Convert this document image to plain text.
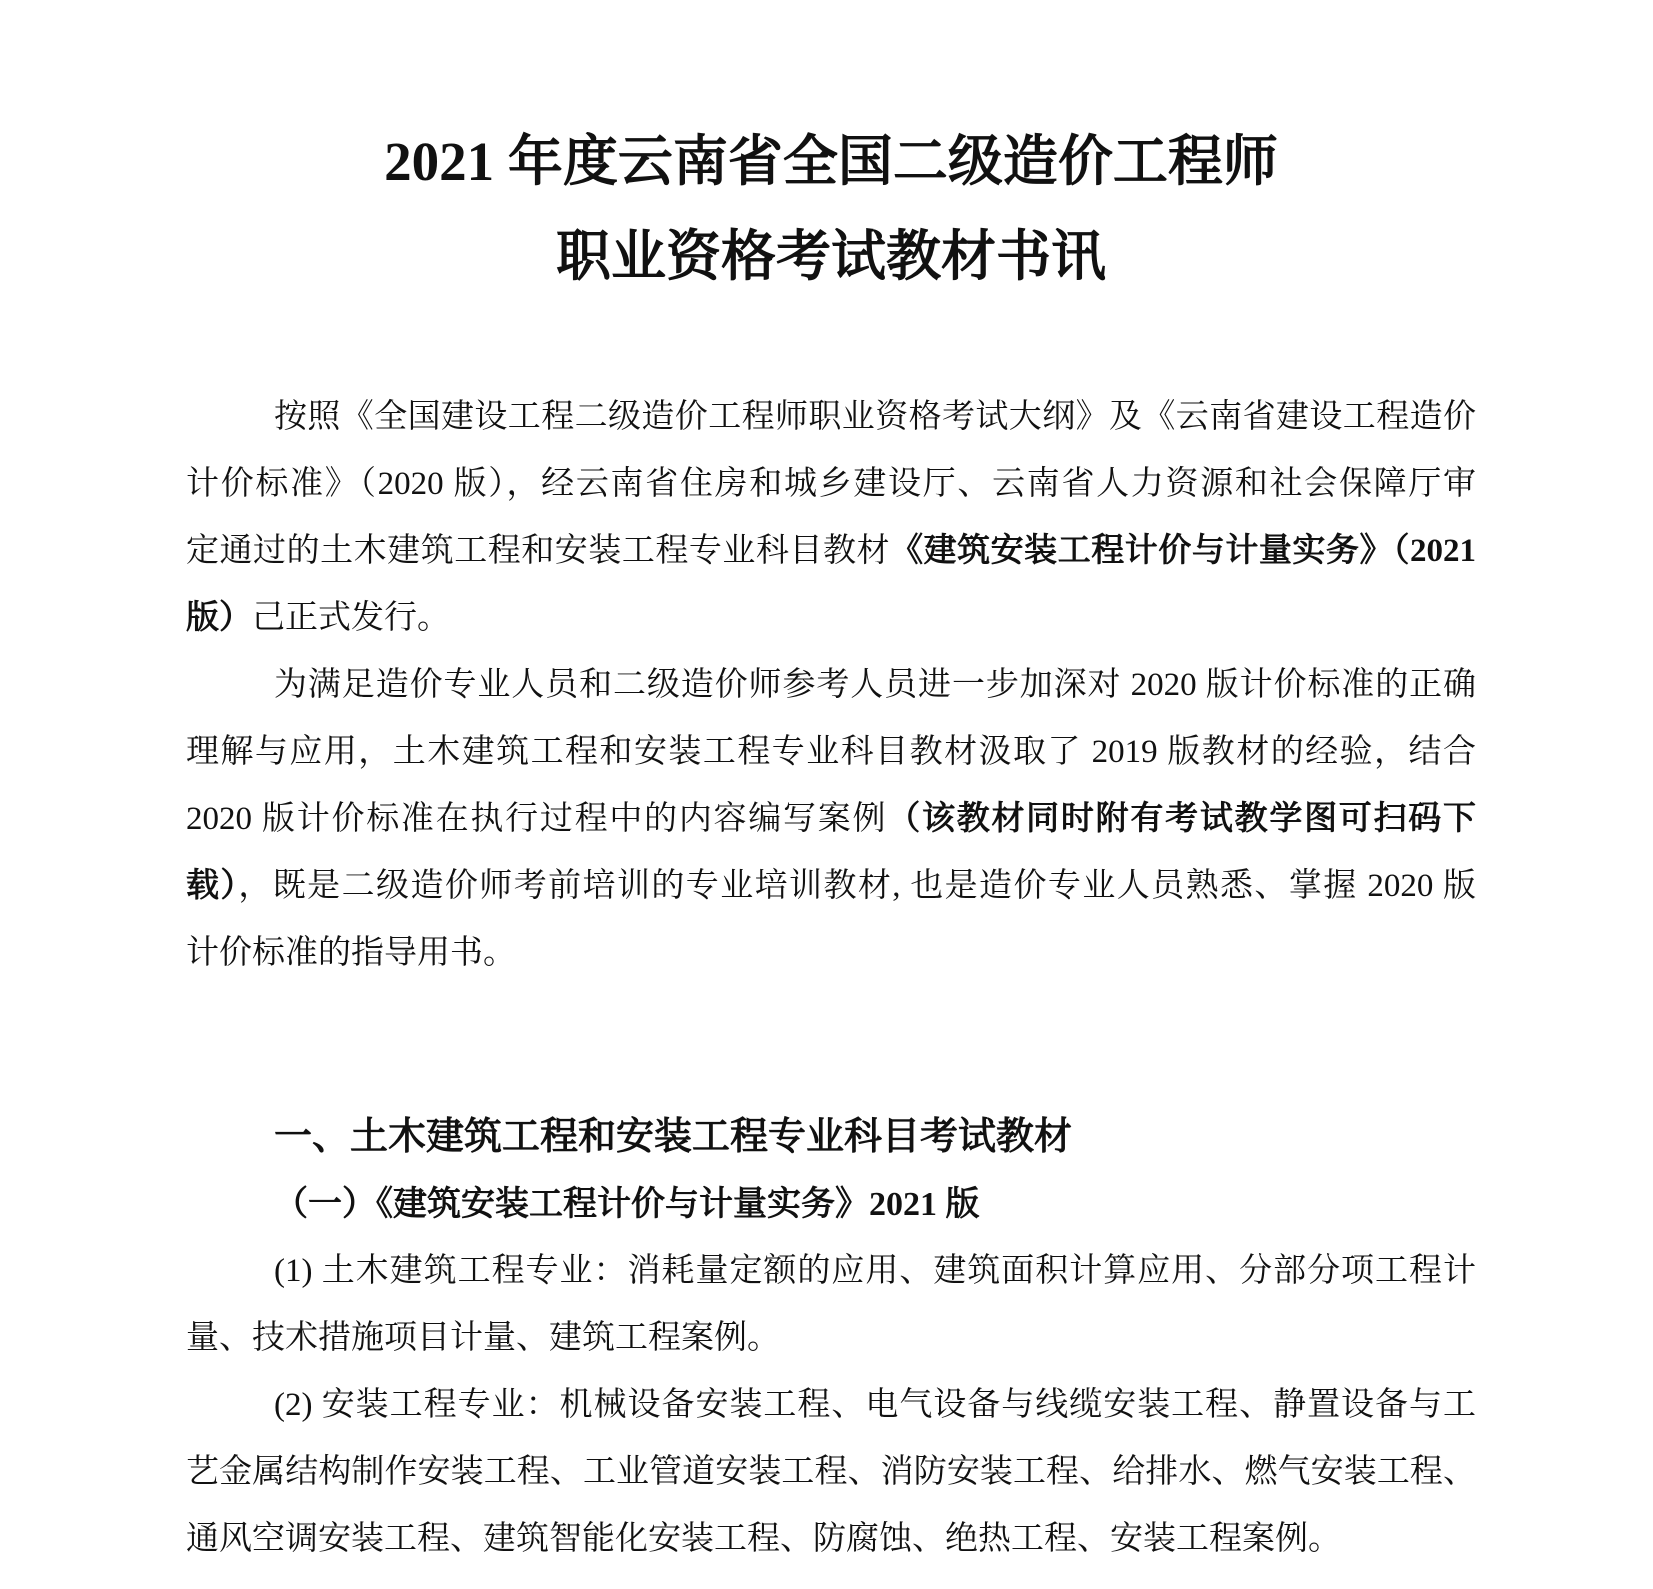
2021 年度云南省全国二级造价工程师
职业资格考试教材书讯
按照《全国建设工程二级造价工程师职业资格考试大纲》及《云南省建设工程造价
计价标准》（2020 版），经云南省住房和城乡建设厅、云南省人力资源和社会保障厅审
定通过的土木建筑工程和安装工程专业科目教材《建筑安装工程计价与计量实务》（2021
版）己正式发行。
为满足造价专业人员和二级造价师参考人员进一步加深对 2020 版计价标准的正确
理解与应用，土木建筑工程和安装工程专业科目教材汲取了 2019 版教材的经验，结合
2020 版计价标准在执行过程中的内容编写案例（该教材同时附有考试教学图可扫码下
载），既是二级造价师考前培训的专业培训教材, 也是造价专业人员熟悉、掌握 2020 版
计价标准的指导用书。
一、土木建筑工程和安装工程专业科目考试教材
（一）《建筑安装工程计价与计量实务》2021 版
(1) 土木建筑工程专业：消耗量定额的应用、建筑面积计算应用、分部分项工程计
量、技术措施项目计量、建筑工程案例。
(2) 安装工程专业：机械设备安装工程、电气设备与线缆安装工程、静置设备与工
艺金属结构制作安装工程、工业管道安装工程、消防安装工程、给排水、燃气安装工程、
通风空调安装工程、建筑智能化安装工程、防腐蚀、绝热工程、安装工程案例。
